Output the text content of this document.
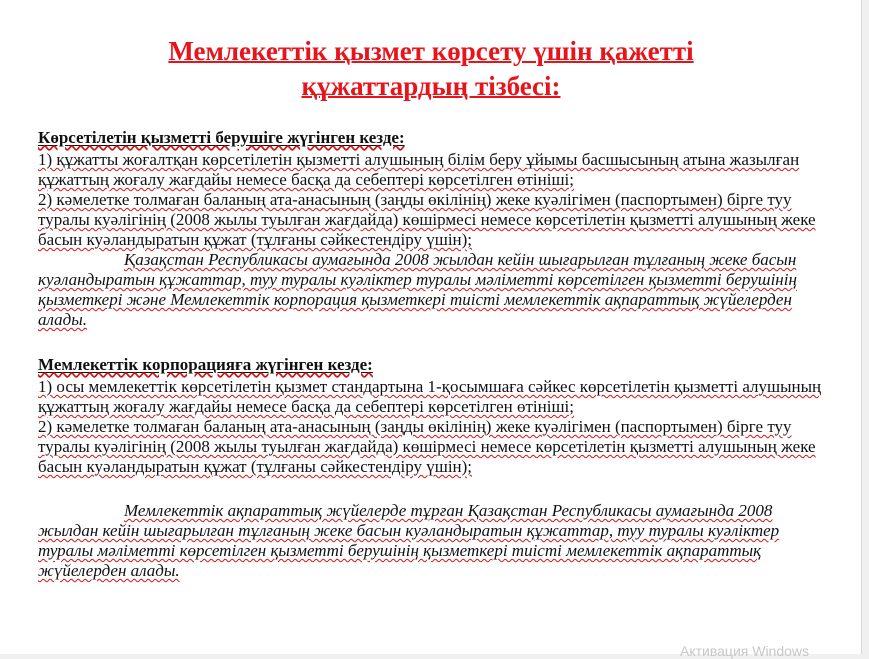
Мемлекеттік қызмет көрсету үшін қажетті
құжаттардың тізбесі:

Көрсетілетін қызметті берушіге жүгінген кезде:

1) құжатты жоғалтқан көрсетілетін қызметті алушының білім беру ұйымы басшысының атына жазылған құжаттың жоғалу жағдайы немесе басқа да себептері көрсетілген өтініші;

2) кәмелетке толмаған баланың ата-анасының (заңды өкілінің) жеке куәлігімен (паспортымен) бірге туу туралы куәлігінің (2008 жылы туылған жағдайда) көшірмесі немесе көрсетілетін қызметті алушының жеке басын куәландыратын құжат (тұлғаны сәйкестендіру үшін);

Қазақстан Республикасы аумағында 2008 жылдан кейін шығарылған тұлғаның жеке басын куәландыратын құжаттар, туу туралы куәліктер туралы мәліметті көрсетілген қызметті берушінің қызметкері және Мемлекеттік корпорация қызметкері тиісті мемлекеттік ақпараттық жүйелерден алады.

Мемлекеттік корпорацияға жүгінген кезде:

1) осы мемлекеттік көрсетілетін қызмет стандартына 1-қосымшаға сәйкес көрсетілетін қызметті алушының құжаттың жоғалу жағдайы немесе басқа да себептері көрсетілген өтініші;

2) кәмелетке толмаған баланың ата-анасының (заңды өкілінің) жеке куәлігімен (паспортымен) бірге туу туралы куәлігінің (2008 жылы туылған жағдайда) көшірмесі немесе көрсетілетін қызметті алушының жеке басын куәландыратын құжат (тұлғаны сәйкестендіру үшін);

Мемлекеттік ақпараттық жүйелерде тұрған Қазақстан Республикасы аумағында 2008 жылдан кейін шығарылған тұлғаның жеке басын куәландыратын құжаттар, туу туралы куәліктер туралы мәліметті көрсетілген қызметті берушінің қызметкері тиісті мемлекеттік ақпараттық жүйелерден алады.

Активация Windows
